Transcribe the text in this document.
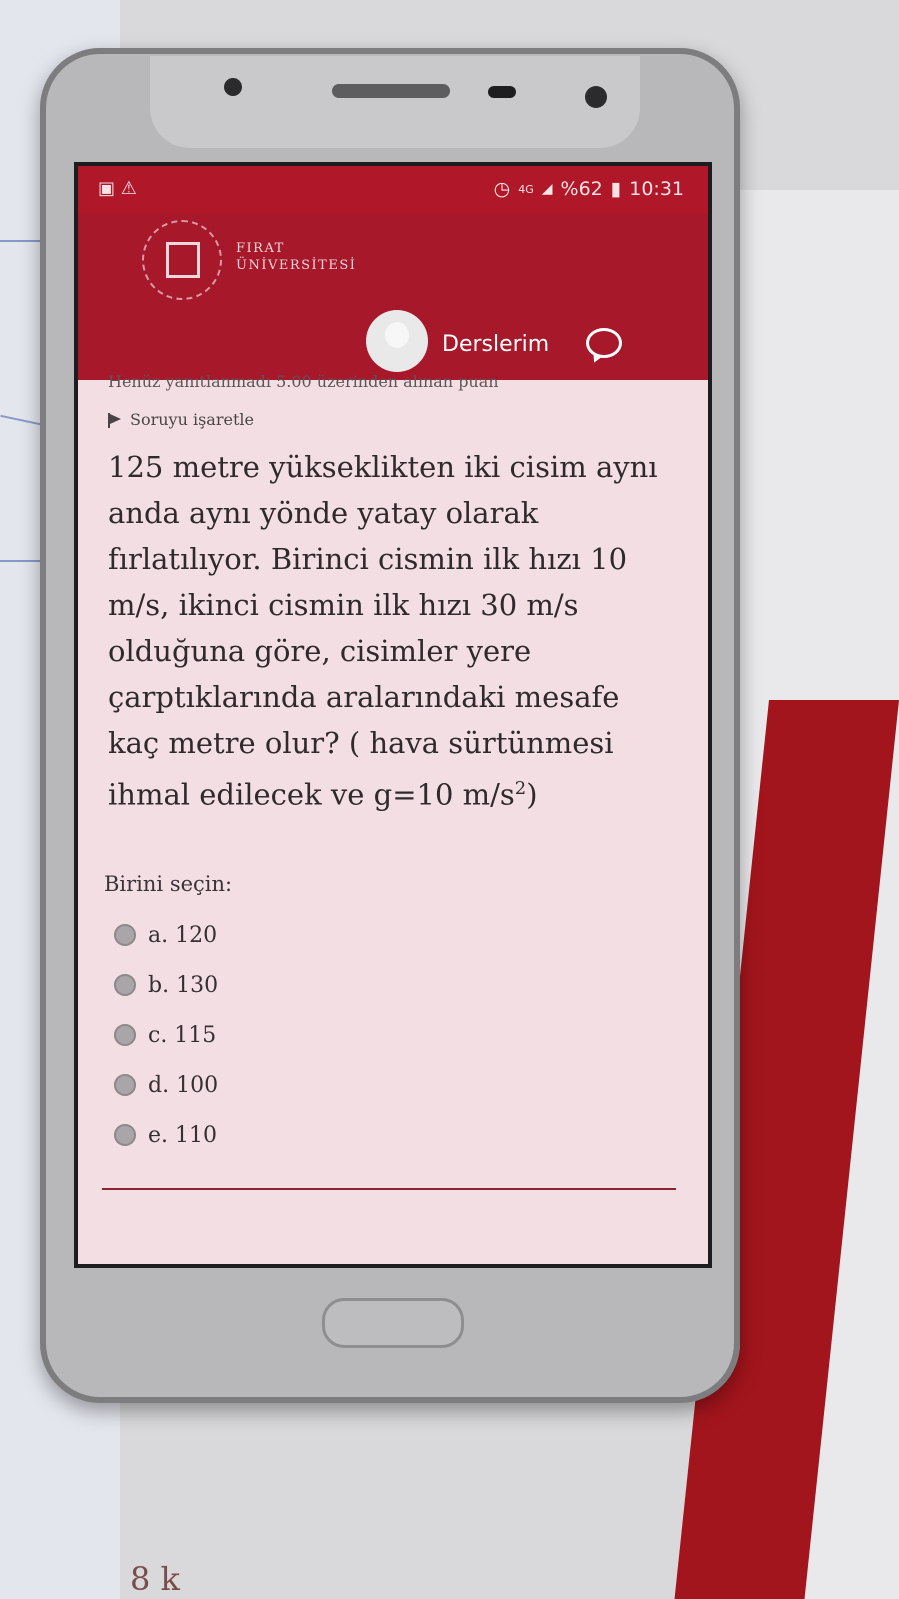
8 k
▣ ⚠	◷ 4G ◢ %62 ▮ 10:31
FIRAT
ÜNİVERSİTESİ
Derslerim
Henüz yanıtlanmadı 5.00 üzerinden alınan puan
Soruyu işaretle
125 metre yükseklikten iki cisim aynı anda aynı yönde yatay olarak fırlatılıyor. Birinci cismin ilk hızı 10 m/s, ikinci cismin ilk hızı 30 m/s olduğuna göre, cisimler yere çarptıklarında aralarındaki mesafe kaç metre olur? ( hava sürtünmesi ihmal edilecek ve g=10 $m/s^2$)
Birini seçin:
a. 120
b. 130
c. 115
d. 100
e. 110
